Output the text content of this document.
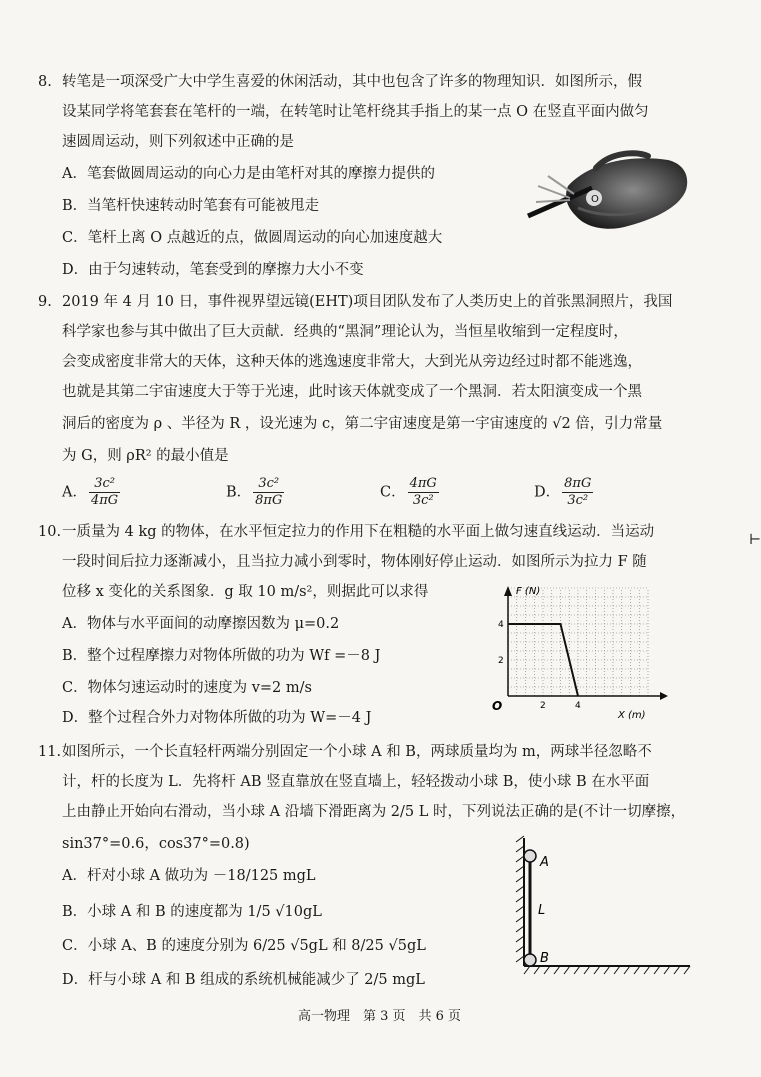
8. 转笔是一项深受广大中学生喜爱的休闲活动，其中也包含了许多的物理知识．如图所示，假
设某同学将笔套套在笔杆的一端，在转笔时让笔杆绕其手指上的某一点 O 在竖直平面内做匀
速圆周运动，则下列叙述中正确的是
A．笔套做圆周运动的向心力是由笔杆对其的摩擦力提供的
B．当笔杆快速转动时笔套有可能被甩走
C．笔杆上离 O 点越近的点，做圆周运动的向心加速度越大
D．由于匀速转动，笔套受到的摩擦力大小不变
O
9. 2019 年 4 月 10 日，事件视界望远镜(EHT)项目团队发布了人类历史上的首张黑洞照片，我国
科学家也参与其中做出了巨大贡献．经典的“黑洞”理论认为，当恒星收缩到一定程度时，
会变成密度非常大的天体，这种天体的逃逸速度非常大，大到光从旁边经过时都不能逃逸，
也就是其第二宇宙速度大于等于光速，此时该天体就变成了一个黑洞．若太阳演变成一个黑
洞后的密度为 ρ 、半径为 R ，设光速为 c，第二宇宙速度是第一宇宙速度的 √2 倍，引力常量
为 G，则 ρR² 的最小值是
A． $\frac{\text{3c²}}{4\pi G}$	B． $\frac{\text{3c²}}{8\pi G}$	C． $\frac{4\pi G}{\text{3c²}}$	D． $\frac{8\pi G}{\text{3c²}}$
10. 一质量为 4 kg 的物体，在水平恒定拉力的作用下在粗糙的水平面上做匀速直线运动．当运动
一段时间后拉力逐渐减小，且当拉力减小到零时，物体刚好停止运动．如图所示为拉力 F 随
位移 x 变化的关系图象．g 取 10 m/s²，则据此可以求得
A．物体与水平面间的动摩擦因数为 μ=0.2
B．整个过程摩擦力对物体所做的功为 Wf =－8 J
C．物体匀速运动时的速度为 v=2 m/s
D．整个过程合外力对物体所做的功为 W=－4 J
F (N)
X (m)
O	2	4
2
4
11. 如图所示，一个长直轻杆两端分别固定一个小球 A 和 B，两球质量均为 m，两球半径忽略不
计，杆的长度为 L．先将杆 AB 竖直靠放在竖直墙上，轻轻拨动小球 B，使小球 B 在水平面
上由静止开始向右滑动，当小球 A 沿墙下滑距离为 2/5 L 时，下列说法正确的是(不计一切摩擦，
sin37°=0.6，cos37°=0.8)
A．杆对小球 A 做功为 －18/125 mgL
B．小球 A 和 B 的速度都为 1/5 √10gL
C．小球 A、B 的速度分别为 6/25 √5gL 和 8/25 √5gL
D．杆与小球 A 和 B 组成的系统机械能减少了 2/5 mgL
A
L
B
高一物理　第 3 页　共 6 页
⊢
